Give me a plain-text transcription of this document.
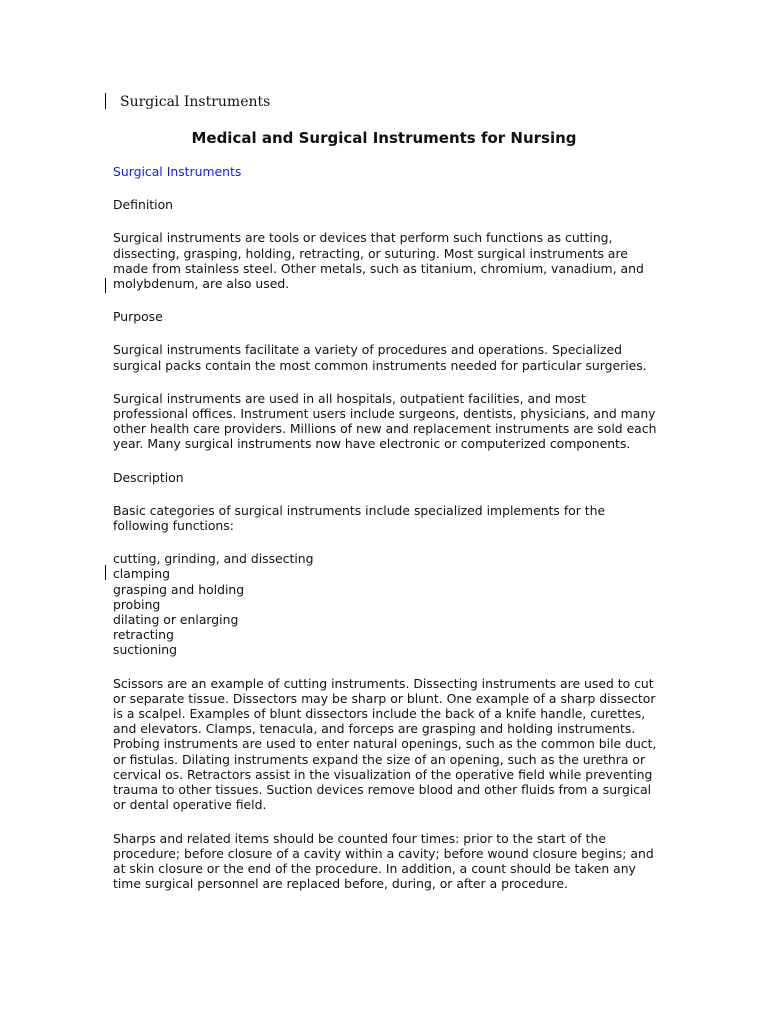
Surgical Instruments
Medical and Surgical Instruments for Nursing

Surgical Instruments

Definition

Surgical instruments are tools or devices that perform such functions as cutting, dissecting, grasping, holding, retracting, or suturing. Most surgical instruments are made from stainless steel. Other metals, such as titanium, chromium, vanadium, and molybdenum, are also used.

Purpose

Surgical instruments facilitate a variety of procedures and operations. Specialized surgical packs contain the most common instruments needed for particular surgeries.

Surgical instruments are used in all hospitals, outpatient facilities, and most professional offices. Instrument users include surgeons, dentists, physicians, and many other health care providers. Millions of new and replacement instruments are sold each year. Many surgical instruments now have electronic or computerized components.

Description

Basic categories of surgical instruments include specialized implements for the following functions:

cutting, grinding, and dissecting
clamping
grasping and holding
probing
dilating or enlarging
retracting
suctioning

Scissors are an example of cutting instruments. Dissecting instruments are used to cut or separate tissue. Dissectors may be sharp or blunt. One example of a sharp dissector is a scalpel. Examples of blunt dissectors include the back of a knife handle, curettes, and elevators. Clamps, tenacula, and forceps are grasping and holding instruments. Probing instruments are used to enter natural openings, such as the common bile duct, or fistulas. Dilating instruments expand the size of an opening, such as the urethra or cervical os. Retractors assist in the visualization of the operative field while preventing trauma to other tissues. Suction devices remove blood and other fluids from a surgical or dental operative field.

Sharps and related items should be counted four times: prior to the start of the procedure; before closure of a cavity within a cavity; before wound closure begins; and at skin closure or the end of the procedure. In addition, a count should be taken any time surgical personnel are replaced before, during, or after a procedure.
